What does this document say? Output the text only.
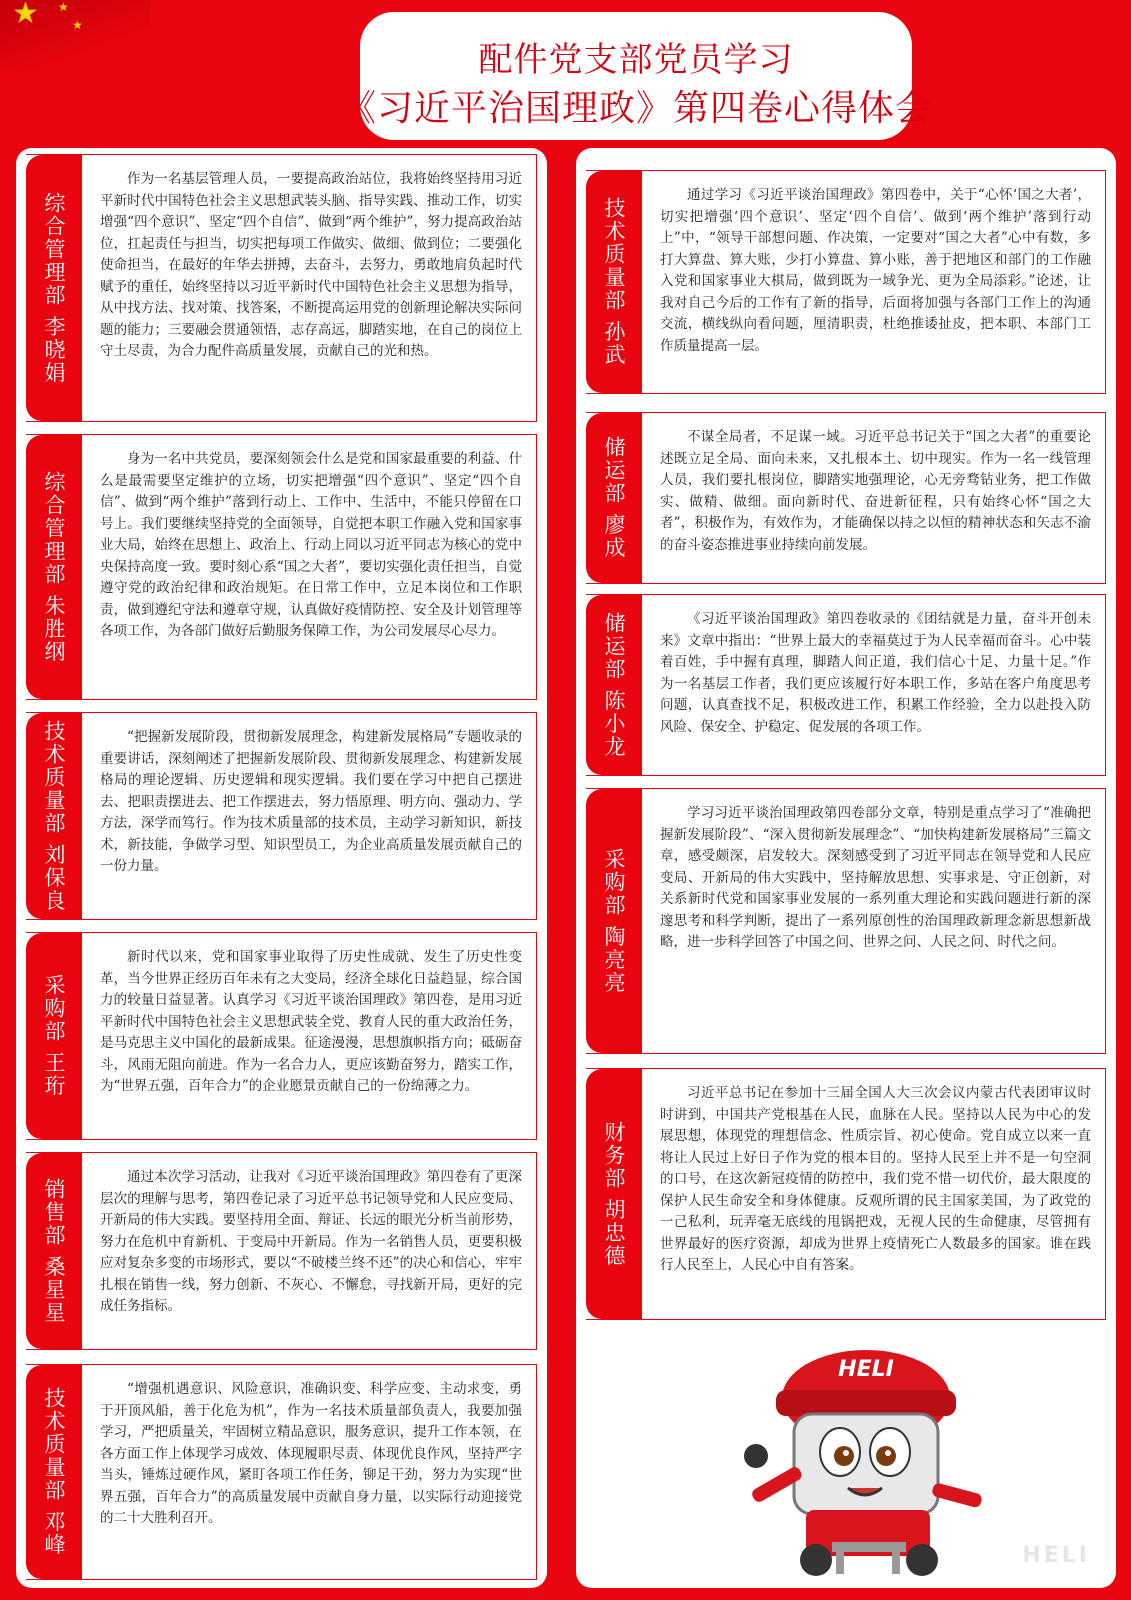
★ ★
★
配件党支部党员学习
《习近平治国理政》第四卷心得体会
综合管理部 李晓娟
作为一名基层管理人员，一要提高政治站位，我将始终坚持用习近平新时代中国特色社会主义思想武装头脑、指导实践、推动工作，切实增强“四个意识”、坚定“四个自信”、做到“两个维护”，努力提高政治站位，扛起责任与担当，切实把每项工作做实、做细、做到位；二要强化使命担当，在最好的年华去拼搏，去奋斗，去努力，勇敢地肩负起时代赋予的重任，始终坚持以习近平新时代中国特色社会主义思想为指导，从中找方法、找对策、找答案，不断提高运用党的创新理论解决实际问题的能力；三要融会贯通领悟，志存高远，脚踏实地，在自己的岗位上守土尽责，为合力配件高质量发展，贡献自己的光和热。
综合管理部 朱胜纲
身为一名中共党员，要深刻领会什么是党和国家最重要的利益、什么是最需要坚定维护的立场，切实把增强“四个意识”、坚定“四个自信”、做到“两个维护”落到行动上、工作中、生活中，不能只停留在口号上。我们要继续坚持党的全面领导，自觉把本职工作融入党和国家事业大局，始终在思想上、政治上、行动上同以习近平同志为核心的党中央保持高度一致。要时刻心系“国之大者”，要切实强化责任担当，自觉遵守党的政治纪律和政治规矩。在日常工作中，立足本岗位和工作职责，做到遵纪守法和遵章守规，认真做好疫情防控、安全及计划管理等各项工作，为各部门做好后勤服务保障工作，为公司发展尽心尽力。
技术质量部 刘保良	“把握新发展阶段，贯彻新发展理念，构建新发展格局”专题收录的重要讲话，深刻阐述了把握新发展阶段、贯彻新发展理念、构建新发展格局的理论逻辑、历史逻辑和现实逻辑。我们要在学习中把自己摆进去、把职责摆进去、把工作摆进去，努力悟原理、明方向、强动力、学方法，深学而笃行。作为技术质量部的技术员，主动学习新知识，新技术，新技能，争做学习型、知识型员工，为企业高质量发展贡献自己的一份力量。
采购部 王珩
新时代以来，党和国家事业取得了历史性成就、发生了历史性变革，当今世界正经历百年未有之大变局，经济全球化日益趋显，综合国力的较量日益显著。认真学习《习近平谈治国理政》第四卷，是用习近平新时代中国特色社会主义思想武装全党、教育人民的重大政治任务，是马克思主义中国化的最新成果。征途漫漫，思想旗帜指方向；砥砺奋斗，风雨无阻向前进。作为一名合力人，更应该勤奋努力，踏实工作，为“世界五强，百年合力”的企业愿景贡献自己的一份绵薄之力。
销售部 桑星星
通过本次学习活动，让我对《习近平谈治国理政》第四卷有了更深层次的理解与思考，第四卷记录了习近平总书记领导党和人民应变局、开新局的伟大实践。要坚持用全面、辩证、长远的眼光分析当前形势，努力在危机中育新机、于变局中开新局。作为一名销售人员，更要积极应对复杂多变的市场形式，要以“不破楼兰终不还”的决心和信心，牢牢扎根在销售一线，努力创新、不灰心、不懈怠，寻找新开局，更好的完成任务指标。
技术质量部 邓峰	“增强机遇意识、风险意识，准确识变、科学应变、主动求变，勇于开顶风船，善于化危为机”，作为一名技术质量部负责人，我要加强学习，严把质量关，牢固树立精品意识，服务意识，提升工作本领，在各方面工作上体现学习成效、体现履职尽责、体现优良作风，坚持严字当头，锤炼过硬作风，紧盯各项工作任务，铆足干劲，努力为实现“世界五强，百年合力”的高质量发展中贡献自身力量，以实际行动迎接党的二十大胜利召开。
技术质量部 孙武
通过学习《习近平谈治国理政》第四卷中，关于“心怀‘国之大者’，切实把增强‘四个意识’、坚定‘四个自信’、做到‘两个维护’落到行动上”中，“领导干部想问题、作决策，一定要对“国之大者”心中有数，多打大算盘、算大账，少打小算盘、算小账，善于把地区和部门的工作融入党和国家事业大棋局，做到既为一域争光、更为全局添彩。”论述，让我对自己今后的工作有了新的指导，后面将加强与各部门工作上的沟通交流，横线纵向看问题，厘清职责，杜绝推诿扯皮，把本职、本部门工作质量提高一层。
储运部 廖成	不谋全局者，不足谋一域。习近平总书记关于“国之大者”的重要论述既立足全局、面向未来，又扎根本土、切中现实。作为一名一线管理人员，我们要扎根岗位，脚踏实地强理论，心无旁骛钻业务，把工作做实、做精、做细。面向新时代、奋进新征程，只有始终心怀“国之大者”，积极作为，有效作为，才能确保以持之以恒的精神状态和矢志不渝的奋斗姿态推进事业持续向前发展。
储运部 陈小龙	《习近平谈治国理政》第四卷收录的《团结就是力量，奋斗开创未来》文章中指出：“世界上最大的幸福莫过于为人民幸福而奋斗。心中装着百姓，手中握有真理，脚踏人间正道，我们信心十足、力量十足。”作为一名基层工作者，我们更应该履行好本职工作，多站在客户角度思考问题，认真查找不足，积极改进工作，积累工作经验，全力以赴投入防风险、保安全、护稳定、促发展的各项工作。
采购部 陶亮亮
学习习近平谈治国理政第四卷部分文章，特别是重点学习了“准确把握新发展阶段”、“深入贯彻新发展理念”、“加快构建新发展格局”三篇文章，感受颇深，启发较大。深刻感受到了习近平同志在领导党和人民应变局、开新局的伟大实践中，坚持解放思想、实事求是、守正创新，对关系新时代党和国家事业发展的一系列重大理论和实践问题进行新的深邃思考和科学判断，提出了一系列原创性的治国理政新理念新思想新战略，进一步科学回答了中国之问、世界之问、人民之问、时代之问。
财务部 胡忠德
习近平总书记在参加十三届全国人大三次会议内蒙古代表团审议时时讲到，中国共产党根基在人民，血脉在人民。坚持以人民为中心的发展思想，体现党的理想信念、性质宗旨、初心使命。党自成立以来一直将让人民过上好日子作为党的根本目的。坚持人民至上并不是一句空洞的口号，在这次新冠疫情的防控中，我们党不惜一切代价，最大限度的保护人民生命安全和身体健康。反观所谓的民主国家美国，为了政党的一己私利，玩弄毫无底线的甩锅把戏，无视人民的生命健康，尽管拥有世界最好的医疗资源，却成为世界上疫情死亡人数最多的国家。谁在践行人民至上，人民心中自有答案。
HELI
HELI
